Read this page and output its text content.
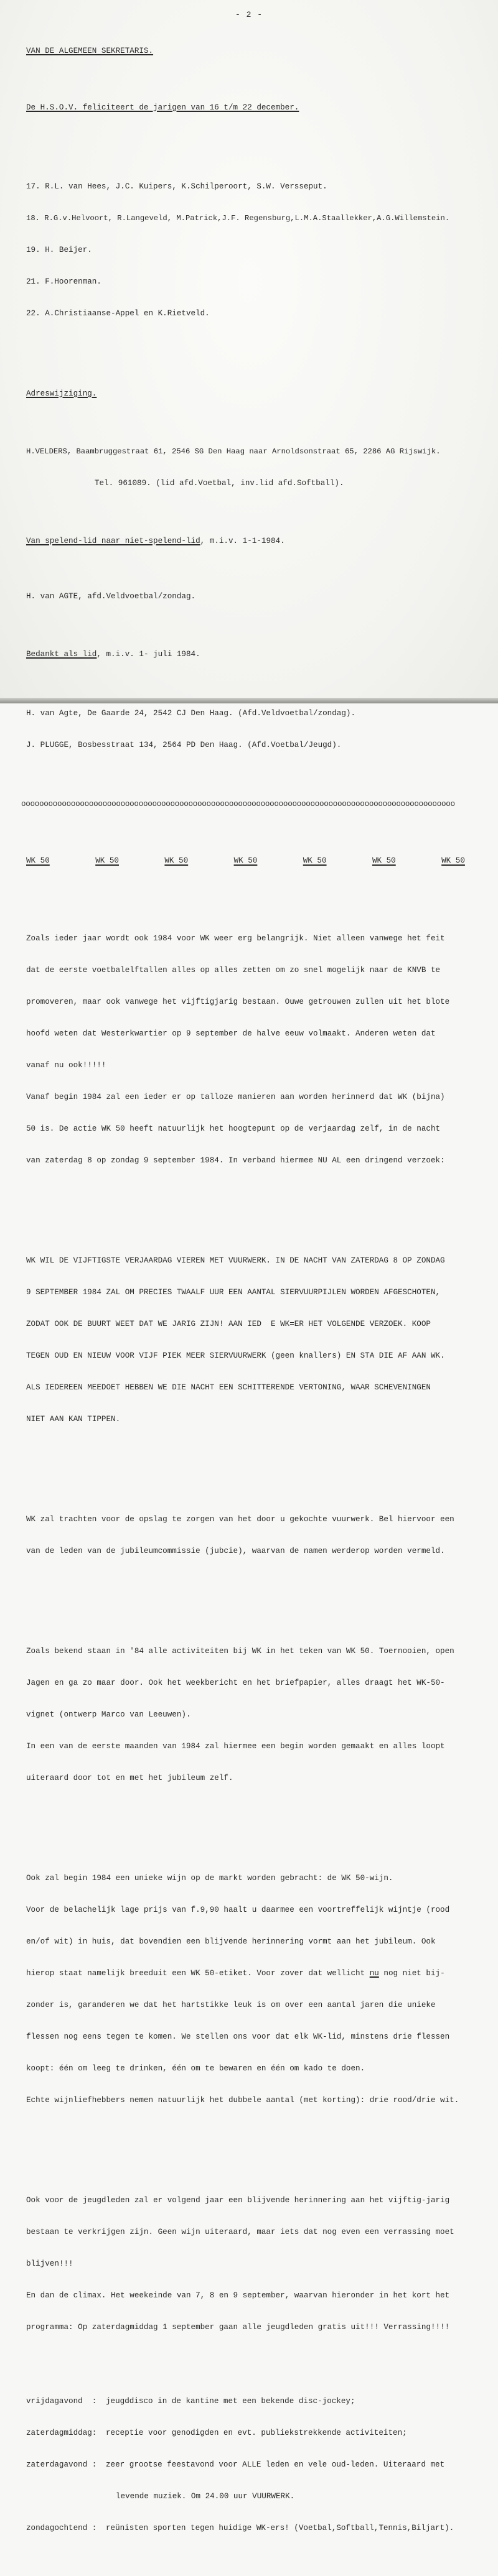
- 2 -

VAN DE ALGEMEEN SEKRETARIS.

De H.S.O.V. feliciteert de jarigen van 16 t/m 22 december.

17. R.L. van Hees, J.C. Kuipers, K.Schilperoort, S.W. Versseput.

18. R.G.v.Helvoort, R.Langeveld, M.Patrick,J.F. Regensburg,L.M.A.Staallekker,A.G.Willemstein.

19. H. Beijer.

21. F.Hoorenman.

22. A.Christiaanse-Appel en K.Rietveld.

Adreswijziging.

H.VELDERS, Baambruggestraat 61, 2546 SG Den Haag naar Arnoldsonstraat 65, 2286 AG Rijswijk.

Tel. 961089. (lid afd.Voetbal, inv.lid afd.Softball).

Van spelend-lid naar niet-spelend-lid, m.i.v. 1-1-1984.

H. van AGTE, afd.Veldvoetbal/zondag.

Bedankt als lid, m.i.v. 1- juli 1984.

H. van Agte, De Gaarde 24, 2542 CJ Den Haag. (Afd.Veldvoetbal/zondag).

J. PLUGGE, Bosbesstraat 134, 2564 PD Den Haag. (Afd.Voetbal/Jeugd).

oooooooooooooooooooooooooooooooooooooooooooooooooooooooooooooooooooooooooooooooooooooooooooooooo

WK 50	WK 50	WK 50	WK 50	WK 50	WK 50	WK 50

Zoals ieder jaar wordt ook 1984 voor WK weer erg belangrijk. Niet alleen vanwege het feit

dat de eerste voetbalelftallen alles op alles zetten om zo snel mogelijk naar de KNVB te

promoveren, maar ook vanwege het vijftigjarig bestaan. Ouwe getrouwen zullen uit het blote

hoofd weten dat Westerkwartier op 9 september de halve eeuw volmaakt. Anderen weten dat

vanaf nu ook!!!!!

Vanaf begin 1984 zal een ieder er op talloze manieren aan worden herinnerd dat WK (bijna)

50 is. De actie WK 50 heeft natuurlijk het hoogtepunt op de verjaardag zelf, in de nacht

van zaterdag 8 op zondag 9 september 1984. In verband hiermee NU AL een dringend verzoek:

WK WIL DE VIJFTIGSTE VERJAARDAG VIEREN MET VUURWERK. IN DE NACHT VAN ZATERDAG 8 OP ZONDAG

9 SEPTEMBER 1984 ZAL OM PRECIES TWAALF UUR EEN AANTAL SIERVUURPIJLEN WORDEN AFGESCHOTEN,

ZODAT OOK DE BUURT WEET DAT WE JARIG ZIJN! AAN IED  E WK=ER HET VOLGENDE VERZOEK. KOOP

TEGEN OUD EN NIEUW VOOR VIJF PIEK MEER SIERVUURWERK (geen knallers) EN STA DIE AF AAN WK.

ALS IEDEREEN MEEDOET HEBBEN WE DIE NACHT EEN SCHITTERENDE VERTONING, WAAR SCHEVENINGEN

NIET AAN KAN TIPPEN.

WK zal trachten voor de opslag te zorgen van het door u gekochte vuurwerk. Bel hiervoor een

van de leden van de jubileumcommissie (jubcie), waarvan de namen werderop worden vermeld.

Zoals bekend staan in '84 alle activiteiten bij WK in het teken van WK 50. Toernooien, open

Jagen en ga zo maar door. Ook het weekbericht en het briefpapier, alles draagt het WK-50-

vignet (ontwerp Marco van Leeuwen).

In een van de eerste maanden van 1984 zal hiermee een begin worden gemaakt en alles loopt

uiteraard door tot en met het jubileum zelf.

Ook zal begin 1984 een unieke wijn op de markt worden gebracht: de WK 50-wijn.

Voor de belachelijk lage prijs van f.9,90 haalt u daarmee een voortreffelijk wijntje (rood

en/of wit) in huis, dat bovendien een blijvende herinnering vormt aan het jubileum. Ook

hierop staat namelijk breeduit een WK 50-etiket. Voor zover dat wellicht nu nog niet bij-

zonder is, garanderen we dat het hartstikke leuk is om over een aantal jaren die unieke

flessen nog eens tegen te komen. We stellen ons voor dat elk WK-lid, minstens drie flessen

koopt: één om leeg te drinken, één om te bewaren en één om kado te doen.

Echte wijnliefhebbers nemen natuurlijk het dubbele aantal (met korting): drie rood/drie wit.

Ook voor de jeugdleden zal er volgend jaar een blijvende herinnering aan het vijftig-jarig

bestaan te verkrijgen zijn. Geen wijn uiteraard, maar iets dat nog even een verrassing moet

blijven!!!

En dan de climax. Het weekeinde van 7, 8 en 9 september, waarvan hieronder in het kort het

programma: Op zaterdagmiddag 1 september gaan alle jeugdleden gratis uit!!! Verrassing!!!!

vrijdagavond  :	jeugddisco in de kantine met een bekende disc-jockey;

zaterdagmiddag:	receptie voor genodigden en evt. publiekstrekkende activiteiten;

zaterdagavond :	zeer grootse feestavond voor ALLE leden en vele oud-leden. Uiteraard met

levende muziek. Om 24.00 uur VUURWERK.

zondagochtend :	reünisten sporten tegen huidige WK-ers! (Voetbal,Softball,Tennis,Biljart).
